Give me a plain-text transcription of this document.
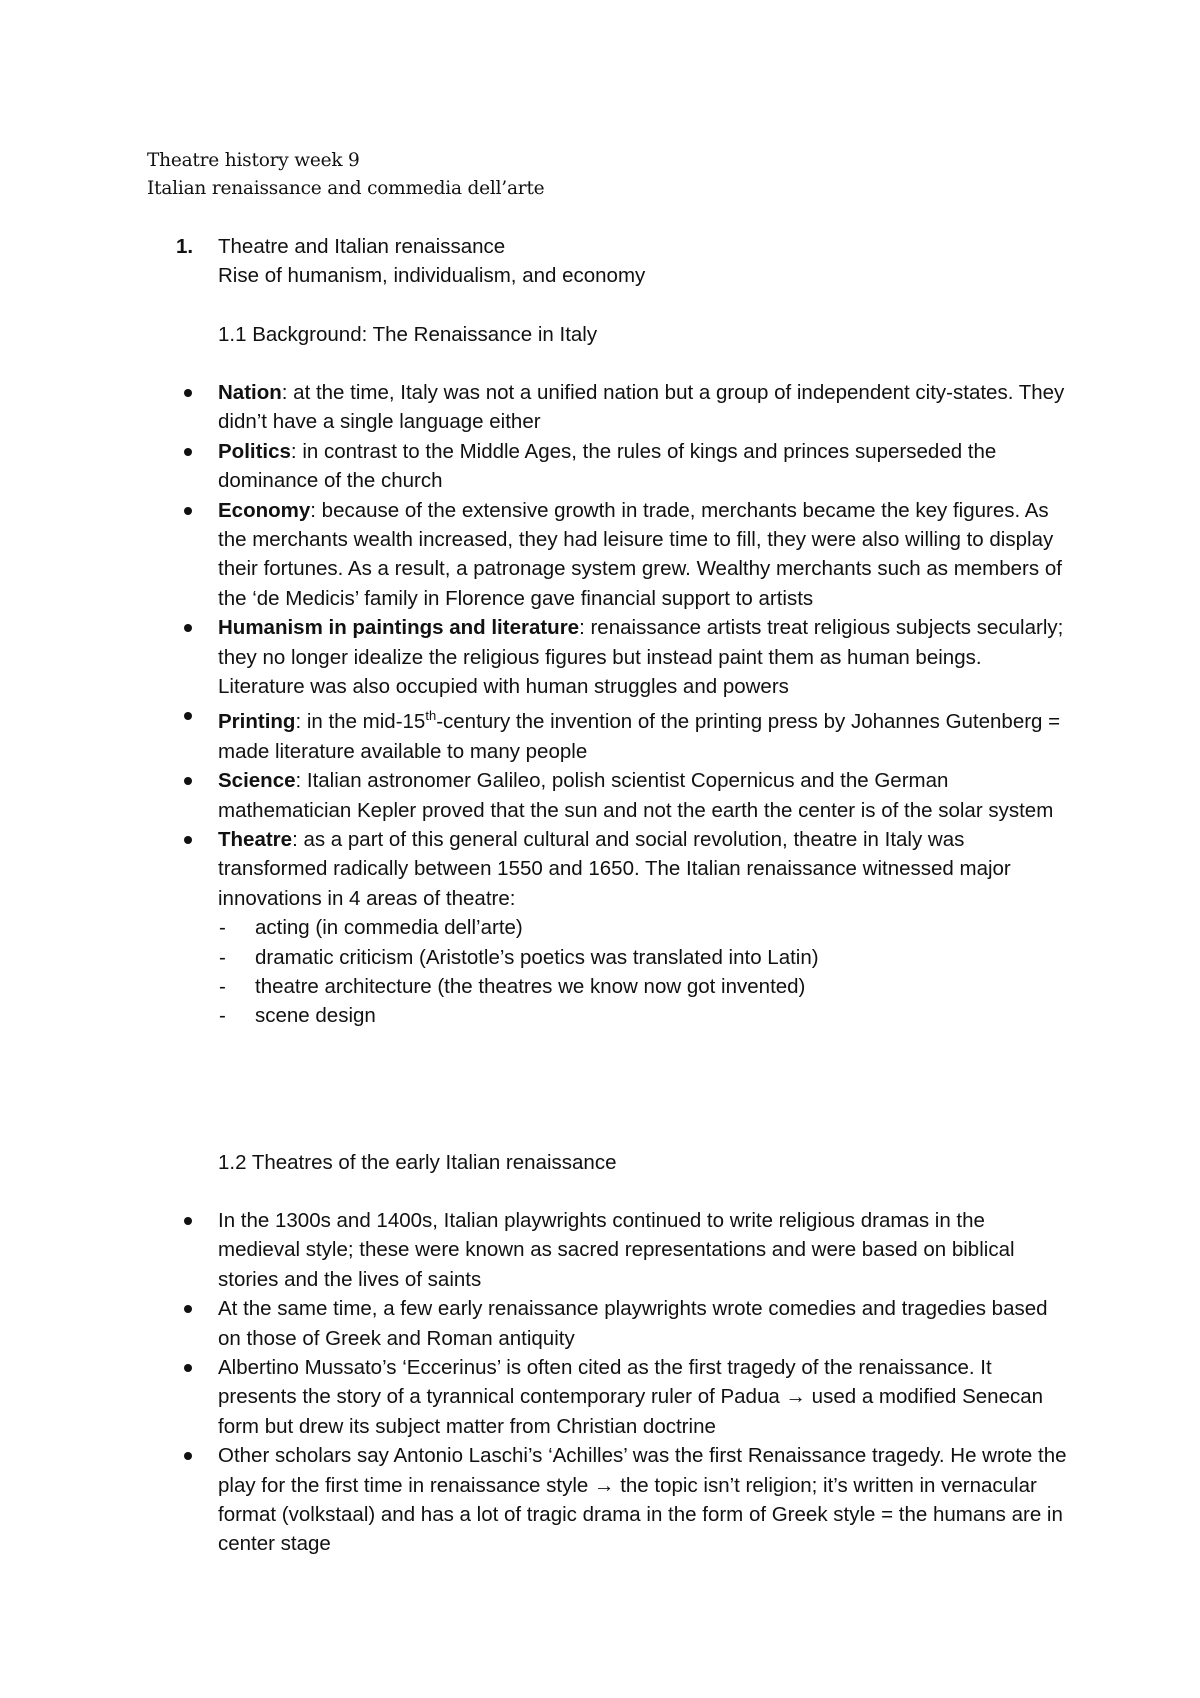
Theatre history week 9
Italian renaissance and commedia dell’arte
1. Theatre and Italian renaissance
Rise of humanism, individualism, and economy
1.1 Background: The Renaissance in Italy
Nation: at the time, Italy was not a unified nation but a group of independent city-states. They didn’t have a single language either
Politics: in contrast to the Middle Ages, the rules of kings and princes superseded the dominance of the church
Economy: because of the extensive growth in trade, merchants became the key figures. As the merchants wealth increased, they had leisure time to fill, they were also willing to display their fortunes. As a result, a patronage system grew. Wealthy merchants such as members of the ‘de Medicis’ family in Florence gave financial support to artists
Humanism in paintings and literature: renaissance artists treat religious subjects secularly; they no longer idealize the religious figures but instead paint them as human beings. Literature was also occupied with human struggles and powers
Printing: in the mid-15th-century the invention of the printing press by Johannes Gutenberg = made literature available to many people
Science: Italian astronomer Galileo, polish scientist Copernicus and the German mathematician Kepler proved that the sun and not the earth the center is of the solar system
Theatre: as a part of this general cultural and social revolution, theatre in Italy was transformed radically between 1550 and 1650. The Italian renaissance witnessed major innovations in 4 areas of theatre:
- acting (in commedia dell’arte)
- dramatic criticism (Aristotle’s poetics was translated into Latin)
- theatre architecture (the theatres we know now got invented)
- scene design
1.2 Theatres of the early Italian renaissance
In the 1300s and 1400s, Italian playwrights continued to write religious dramas in the medieval style; these were known as sacred representations and were based on biblical stories and the lives of saints
At the same time, a few early renaissance playwrights wrote comedies and tragedies based on those of Greek and Roman antiquity
Albertino Mussato’s ‘Eccerinus’ is often cited as the first tragedy of the renaissance. It presents the story of a tyrannical contemporary ruler of Padua → used a modified Senecan form but drew its subject matter from Christian doctrine
Other scholars say Antonio Laschi’s ‘Achilles’ was the first Renaissance tragedy. He wrote the play for the first time in renaissance style → the topic isn’t religion; it’s written in vernacular format (volkstaal) and has a lot of tragic drama in the form of Greek style = the humans are in center stage
